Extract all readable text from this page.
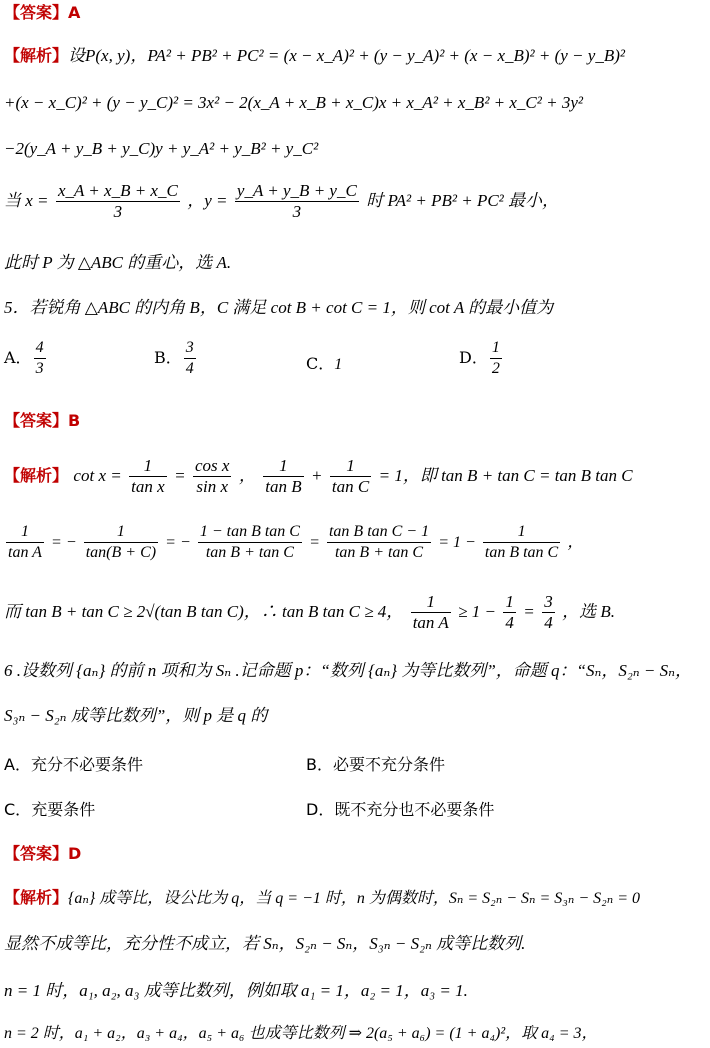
【答案】A
【解析】设P(x, y)，PA² + PB² + PC² = (x − x_A)² + (y − y_A)² + (x − x_B)² + (y − y_B)²
+(x − x_C)² + (y − y_C)² = 3x² − 2(x_A + x_B + x_C)x + x_A² + x_B² + x_C² + 3y²
−2(y_A + y_B + y_C)y + y_A² + y_B² + y_C²
当 $x = \frac{x\_A + x\_B + x\_C}{3}$ ，$y = \frac{y\_A + y\_B + y\_C}{3}$ 时 PA² + PB² + PC² 最小，
此时 P 为 △ABC 的重心，选 A.
5．若锐角 △ABC 的内角 B，C 满足 cot B + cot C = 1，则 cot A 的最小值为
A． $\frac{4}{3}$	B． $\frac{3}{4}$	C．1	D． $\frac{1}{2}$
【答案】B
【解析】 $\cot x = \frac{1}{\text{tan x}} = \frac{\text{cos x}}{\text{sin x}}$ ， $\frac{1}{\text{tan B}} + \frac{1}{\text{tan C}} = 1$，即 tan B + tan C = tan B tan C
$\frac{1}{\text{tan A}}$ = − $\frac{1}{\tan(B + C)}$ = − $\frac{\text{1 − tan B tan C}}{\text{tan B + tan C}} = \frac{\text{tan B tan C − 1}}{\text{tan B + tan C}} = 1 - \frac{1}{\text{tan B tan C}}$ ，
而 tan B + tan C ≥ 2√(tan B tan C)，∴ tan B tan C ≥ 4， $\frac{1}{\text{tan A}} \ge 1 - \frac{1}{4} = \frac{3}{4}$ ，选 B.
6 .设数列 {aₙ} 的前 n 项和为 Sₙ .记命题 p：“数列 {aₙ} 为等比数列”，命题 q：“Sₙ，S₂ₙ − Sₙ，
S₃ₙ − S₂ₙ 成等比数列”，则 p 是 q 的
A．充分不必要条件	B．必要不充分条件
C．充要条件	D．既不充分也不必要条件
【答案】D
【解析】{aₙ} 成等比，设公比为 q，当 q = −1 时，n 为偶数时，Sₙ = S₂ₙ − Sₙ = S₃ₙ − S₂ₙ = 0
显然不成等比，充分性不成立，若 Sₙ，S₂ₙ − Sₙ，S₃ₙ − S₂ₙ 成等比数列.
n = 1 时，a₁, a₂, a₃ 成等比数列，例如取 a₁ = 1，a₂ = 1，a₃ = 1.
n = 2 时，a₁ + a₂，a₃ + a₄，a₅ + a₆ 也成等比数列 ⇒ 2(a₅ + a₆) = (1 + a₄)²，取 a₄ = 3，
